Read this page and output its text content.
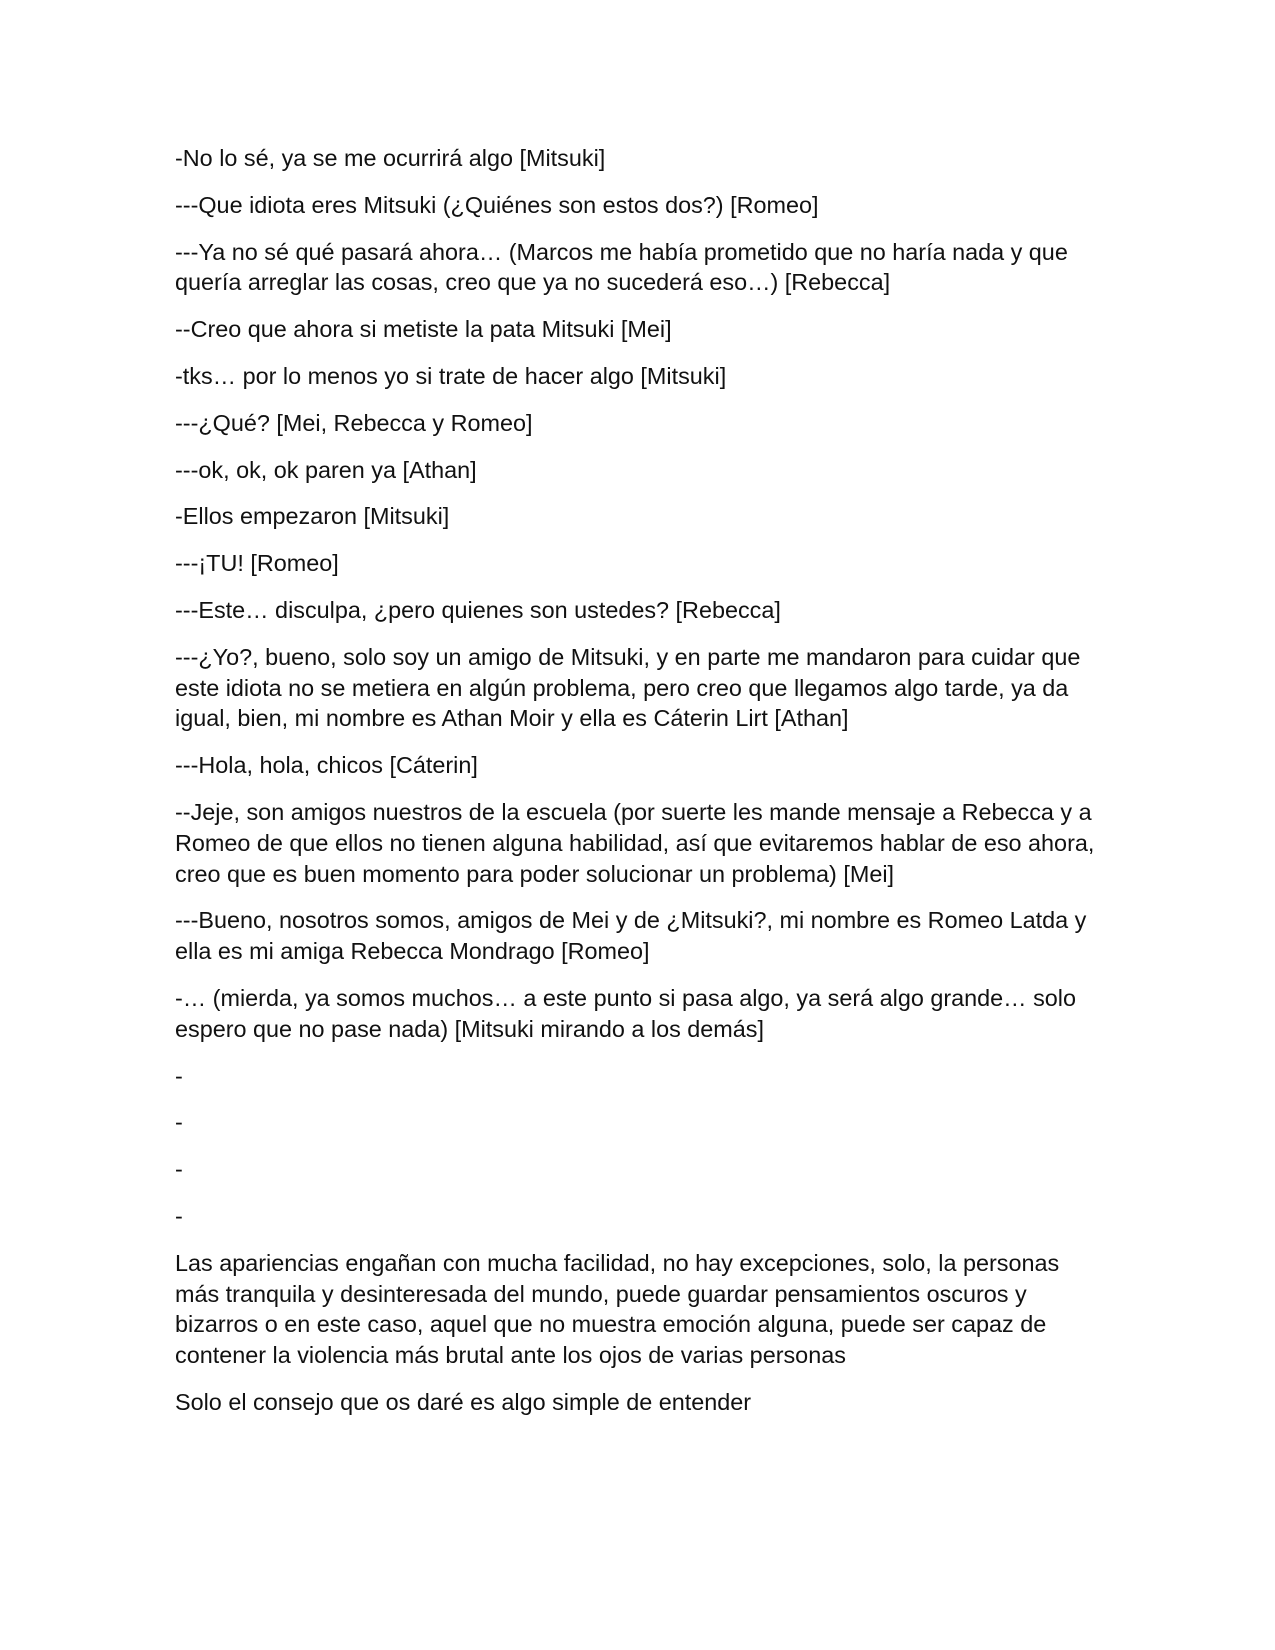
-No lo sé, ya se me ocurrirá algo [Mitsuki]

---Que idiota eres Mitsuki (¿Quiénes son estos dos?) [Romeo]

---Ya no sé qué pasará ahora… (Marcos me había prometido que no haría nada y que quería arreglar las cosas, creo que ya no sucederá eso…) [Rebecca]

--Creo que ahora si metiste la pata Mitsuki [Mei]

-tks… por lo menos yo si trate de hacer algo [Mitsuki]

---¿Qué? [Mei, Rebecca y Romeo]

---ok, ok, ok paren ya [Athan]

-Ellos empezaron [Mitsuki]

---¡TU! [Romeo]

---Este… disculpa, ¿pero quienes son ustedes? [Rebecca]

---¿Yo?, bueno, solo soy un amigo de Mitsuki, y en parte me mandaron para cuidar que este idiota no se metiera en algún problema, pero creo que llegamos algo tarde, ya da igual, bien, mi nombre es Athan Moir y ella es Cáterin Lirt [Athan]

---Hola, hola, chicos [Cáterin]

--Jeje, son amigos nuestros de la escuela (por suerte les mande mensaje a Rebecca y a Romeo de que ellos no tienen alguna habilidad, así que evitaremos hablar de eso ahora, creo que es buen momento para poder solucionar un problema) [Mei]

---Bueno, nosotros somos, amigos de Mei y de ¿Mitsuki?, mi nombre es Romeo Latda y ella es mi amiga Rebecca Mondrago [Romeo]

-… (mierda, ya somos muchos… a este punto si pasa algo, ya será algo grande… solo espero que no pase nada) [Mitsuki mirando a los demás]

-

-

-

-

Las apariencias engañan con mucha facilidad, no hay excepciones, solo, la personas más tranquila y desinteresada del mundo, puede guardar pensamientos oscuros y bizarros o en este caso, aquel que no muestra emoción alguna, puede ser capaz de contener la violencia más brutal ante los ojos de varias personas

Solo el consejo que os daré es algo simple de entender
